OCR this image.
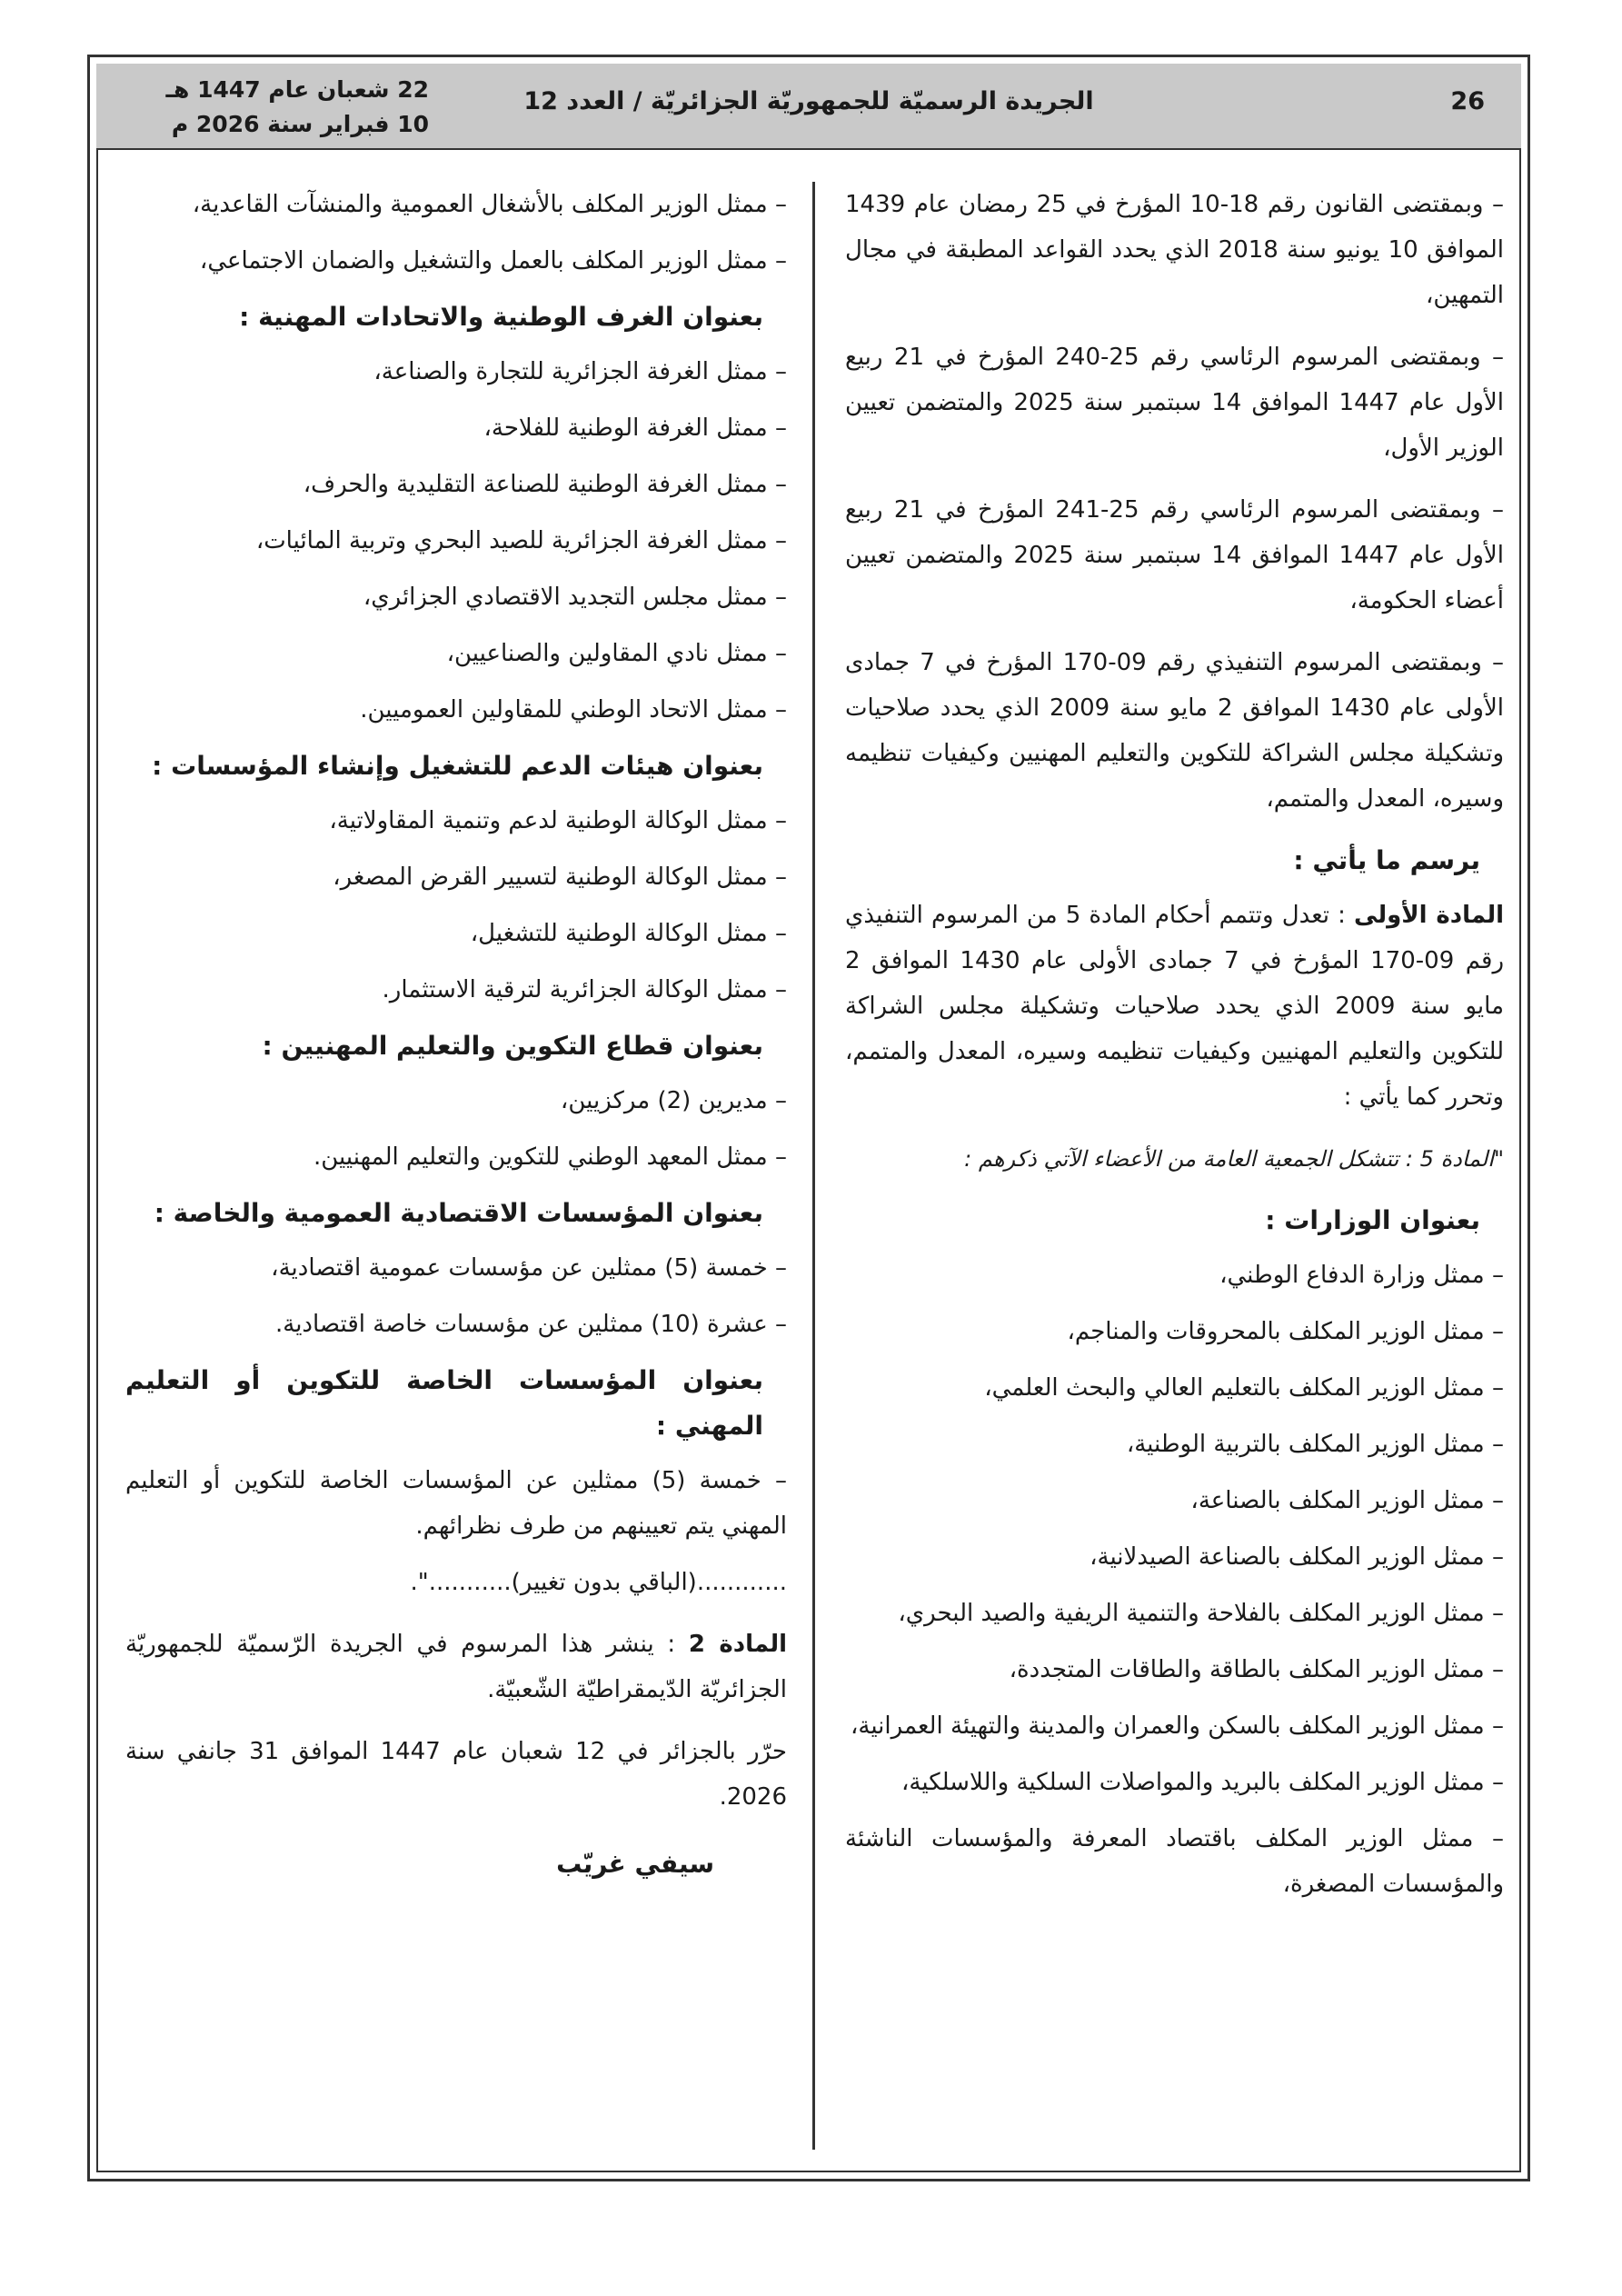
26
الجريدة الرسميّة للجمهوريّة الجزائريّة / العدد 12
22 شعبان عام 1447 هـ
10 فبراير سنة 2026 م

– وبمقتضى القانون رقم 18-10 المؤرخ في 25 رمضان عام 1439 الموافق 10 يونيو سنة 2018 الذي يحدد القواعد المطبقة في مجال التمهين،

– وبمقتضى المرسوم الرئاسي رقم 25-240 المؤرخ في 21 ربيع الأول عام 1447 الموافق 14 سبتمبر سنة 2025 والمتضمن تعيين الوزير الأول،

– وبمقتضى المرسوم الرئاسي رقم 25-241 المؤرخ في 21 ربيع الأول عام 1447 الموافق 14 سبتمبر سنة 2025 والمتضمن تعيين أعضاء الحكومة،

– وبمقتضى المرسوم التنفيذي رقم 09-170 المؤرخ في 7 جمادى الأولى عام 1430 الموافق 2 مايو سنة 2009 الذي يحدد صلاحيات وتشكيلة مجلس الشراكة للتكوين والتعليم المهنيين وكيفيات تنظيمه وسيره، المعدل والمتمم،

يرسم ما يأتي :

المادة الأولى : تعدل وتتمم أحكام المادة 5 من المرسوم التنفيذي رقم 09-170 المؤرخ في 7 جمادى الأولى عام 1430 الموافق 2 مايو سنة 2009 الذي يحدد صلاحيات وتشكيلة مجلس الشراكة للتكوين والتعليم المهنيين وكيفيات تنظيمه وسيره، المعدل والمتمم، وتحرر كما يأتي :

"المادة 5 : تتشكل الجمعية العامة من الأعضاء الآتي ذكرهم :

بعنوان الوزارات :
– ممثل وزارة الدفاع الوطني،
– ممثل الوزير المكلف بالمحروقات والمناجم،
– ممثل الوزير المكلف بالتعليم العالي والبحث العلمي،
– ممثل الوزير المكلف بالتربية الوطنية،
– ممثل الوزير المكلف بالصناعة،
– ممثل الوزير المكلف بالصناعة الصيدلانية،
– ممثل الوزير المكلف بالفلاحة والتنمية الريفية والصيد البحري،
– ممثل الوزير المكلف بالطاقة والطاقات المتجددة،
– ممثل الوزير المكلف بالسكن والعمران والمدينة والتهيئة العمرانية،
– ممثل الوزير المكلف بالبريد والمواصلات السلكية واللاسلكية،
– ممثل الوزير المكلف باقتصاد المعرفة والمؤسسات الناشئة والمؤسسات المصغرة،
– ممثل الوزير المكلف بالأشغال العمومية والمنشآت القاعدية،
– ممثل الوزير المكلف بالعمل والتشغيل والضمان الاجتماعي،
بعنوان الغرف الوطنية والاتحادات المهنية :
– ممثل الغرفة الجزائرية للتجارة والصناعة،
– ممثل الغرفة الوطنية للفلاحة،
– ممثل الغرفة الوطنية للصناعة التقليدية والحرف،
– ممثل الغرفة الجزائرية للصيد البحري وتربية المائيات،
– ممثل مجلس التجديد الاقتصادي الجزائري،
– ممثل نادي المقاولين والصناعيين،
– ممثل الاتحاد الوطني للمقاولين العموميين.
بعنوان هيئات الدعم للتشغيل وإنشاء المؤسسات :
– ممثل الوكالة الوطنية لدعم وتنمية المقاولاتية،
– ممثل الوكالة الوطنية لتسيير القرض المصغر،
– ممثل الوكالة الوطنية للتشغيل،
– ممثل الوكالة الجزائرية لترقية الاستثمار.
بعنوان قطاع التكوين والتعليم المهنيين :
– مديرين (2) مركزيين،
– ممثل المعهد الوطني للتكوين والتعليم المهنيين.
بعنوان المؤسسات الاقتصادية العمومية والخاصة :
– خمسة (5) ممثلين عن مؤسسات عمومية اقتصادية،
– عشرة (10) ممثلين عن مؤسسات خاصة اقتصادية.
بعنوان المؤسسات الخاصة للتكوين أو التعليم المهني :
– خمسة (5) ممثلين عن المؤسسات الخاصة للتكوين أو التعليم المهني يتم تعيينهم من طرف نظرائهم.

............(الباقي بدون تغيير)...........".

المادة 2 : ينشر هذا المرسوم في الجريدة الرّسميّة للجمهوريّة الجزائريّة الدّيمقراطيّة الشّعبيّة.

حرّر بالجزائر في 12 شعبان عام 1447 الموافق 31 جانفي سنة 2026.

سيفي غريّب
